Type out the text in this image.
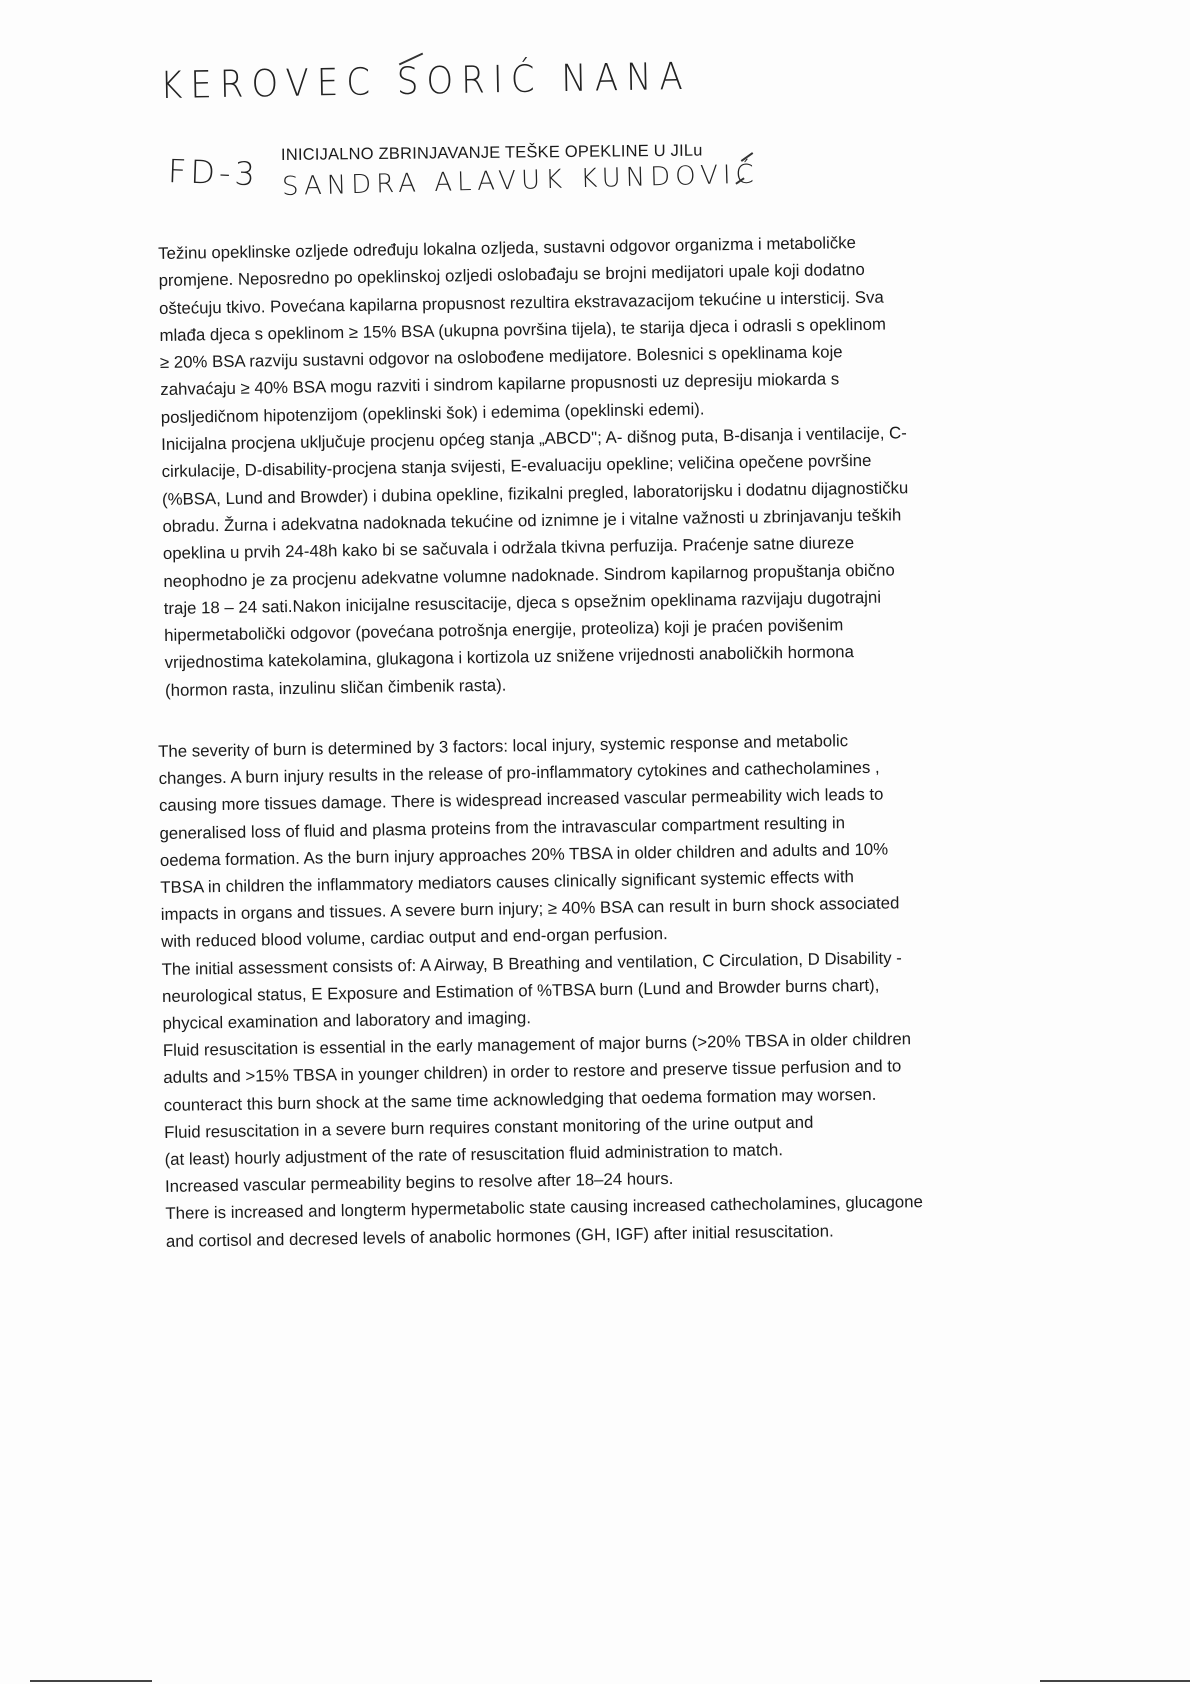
KEROVEC SORIĆ NANA
FD-3 INICIJALNO ZBRINJAVANJE TEŠKE OPEKLINE U JILu
SANDRA ALAVUK KUNDOVIĆ

Težinu opeklinske ozljede određuju lokalna ozljeda, sustavni odgovor organizma i metaboličke
promjene. Neposredno po opeklinskoj ozljedi oslobađaju se brojni medijatori upale koji dodatno
oštećuju tkivo. Povećana kapilarna propusnost rezultira ekstravazacijom tekućine u intersticij. Sva
mlađa djeca s opeklinom ≥ 15% BSA (ukupna površina tijela), te starija djeca i odrasli s opeklinom
≥ 20% BSA razviju sustavni odgovor na oslobođene medijatore. Bolesnici s opeklinama koje
zahvaćaju ≥ 40% BSA mogu razviti i sindrom kapilarne propusnosti uz depresiju miokarda s
posljedičnom hipotenzijom (opeklinski šok) i edemima (opeklinski edemi).
Inicijalna procjena uključuje procjenu općeg stanja „ABCD"; A- dišnog puta, B-disanja i ventilacije, C-
cirkulacije, D-disability-procjena stanja svijesti, E-evaluaciju opekline; veličina opečene površine
(%BSA, Lund and Browder) i dubina opekline, fizikalni pregled, laboratorijsku i dodatnu dijagnostičku
obradu. Žurna i adekvatna nadoknada tekućine od iznimne je i vitalne važnosti u zbrinjavanju teških
opeklina u prvih 24-48h kako bi se sačuvala i održala tkivna perfuzija. Praćenje satne diureze
neophodno je za procjenu adekvatne volumne nadoknade. Sindrom kapilarnog propuštanja obično
traje 18 – 24 sati.Nakon inicijalne resuscitacije, djeca s opsežnim opeklinama razvijaju dugotrajni
hipermetabolički odgovor (povećana potrošnja energije, proteoliza) koji je praćen povišenim
vrijednostima katekolamina, glukagona i kortizola uz snižene vrijednosti anaboličkih hormona
(hormon rasta, inzulinu sličan čimbenik rasta).

The severity of burn is determined by 3 factors: local injury, systemic response and metabolic
changes. A burn injury results in the release of pro-inflammatory cytokines and cathecholamines ,
causing more tissues damage. There is widespread increased vascular permeability wich leads to
generalised loss of fluid and plasma proteins from the intravascular compartment resulting in
oedema formation. As the burn injury approaches 20% TBSA in older children and adults and 10%
TBSA in children the inflammatory mediators causes clinically significant systemic effects with
impacts in organs and tissues. A severe burn injury; ≥ 40% BSA can result in burn shock associated
with reduced blood volume, cardiac output and end-organ perfusion.
The initial assessment consists of: A Airway, B Breathing and ventilation, C Circulation, D Disability -
neurological status, E Exposure and Estimation of %TBSA burn (Lund and Browder burns chart),
phycical examination and laboratory and imaging.
Fluid resuscitation is essential in the early management of major burns (>20% TBSA in older children
adults and >15% TBSA in younger children) in order to restore and preserve tissue perfusion and to
counteract this burn shock at the same time acknowledging that oedema formation may worsen.
Fluid resuscitation in a severe burn requires constant monitoring of the urine output and
(at least) hourly adjustment of the rate of resuscitation fluid administration to match.
Increased vascular permeability begins to resolve after 18–24 hours.
There is increased and longterm hypermetabolic state causing increased cathecholamines, glucagone
and cortisol and decresed levels of anabolic hormones (GH, IGF) after initial resuscitation.
